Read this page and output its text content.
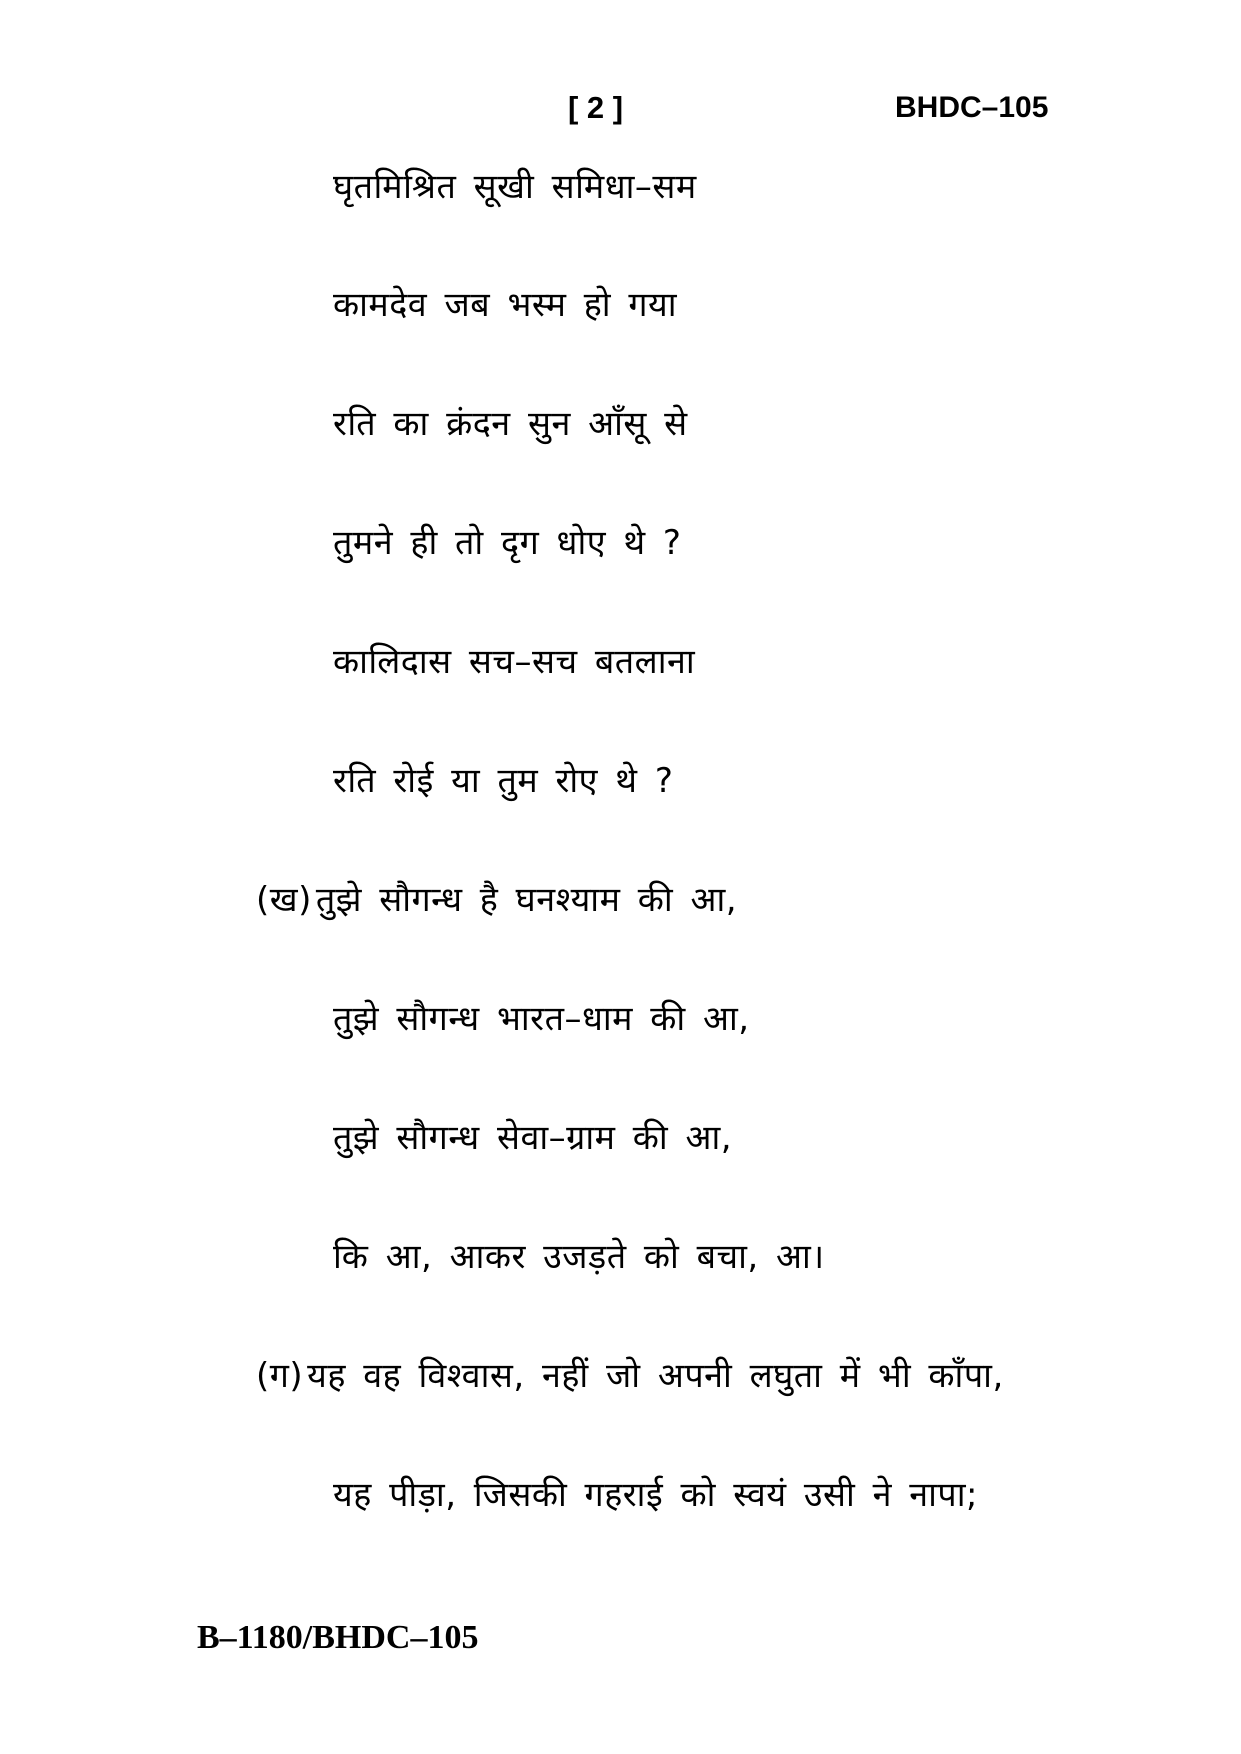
[ 2 ]	BHDC–105
घृतमिश्रित सूखी समिधा–सम
कामदेव जब भस्म हो गया
रति का क्रंदन सुन आँसू से
तुमने ही तो दृग धोए थे ?
कालिदास सच–सच बतलाना
रति रोई या तुम रोए थे ?
(ख) तुझे सौगन्ध है घनश्याम की आ,
तुझे सौगन्ध भारत–धाम की आ,
तुझे सौगन्ध सेवा–ग्राम की आ,
कि आ, आकर उजड़ते को बचा, आ।
(ग) यह वह विश्वास, नहीं जो अपनी लघुता में भी काँपा,
यह पीड़ा, जिसकी गहराई को स्वयं उसी ने नापा;
B–1180/BHDC–105
